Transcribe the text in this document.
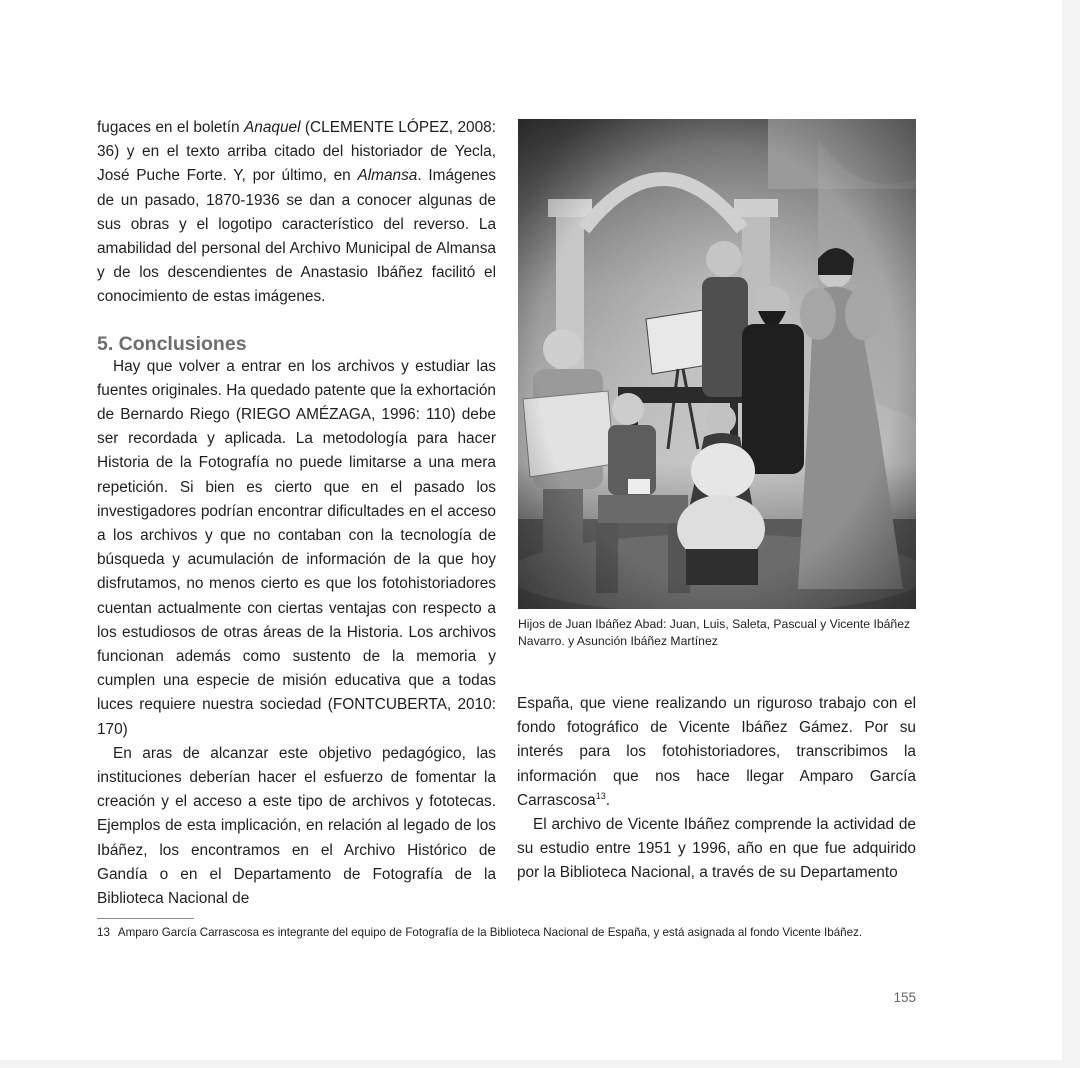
fugaces en el boletín Anaquel (CLEMENTE LÓPEZ, 2008: 36) y en el texto arriba citado del historiador de Yecla, José Puche Forte. Y, por último, en Almansa. Imágenes de un pasado, 1870-1936 se dan a conocer algunas de sus obras y el logotipo característico del reverso. La amabilidad del personal del Archivo Municipal de Almansa y de los descendientes de Anastasio Ibáñez facilitó el conocimiento de estas imágenes.

5. Conclusiones

Hay que volver a entrar en los archivos y estudiar las fuentes originales. Ha quedado patente que la exhortación de Bernardo Riego (RIEGO AMÉZAGA, 1996: 110) debe ser recordada y aplicada. La metodología para hacer Historia de la Fotografía no puede limitarse a una mera repetición. Si bien es cierto que en el pasado los investigadores podrían encontrar dificultades en el acceso a los archivos y que no contaban con la tecnología de búsqueda y acumulación de información de la que hoy disfrutamos, no menos cierto es que los fotohistoriadores cuentan actualmente con ciertas ventajas con respecto a los estudiosos de otras áreas de la Historia. Los archivos funcionan además como sustento de la memoria y cumplen una especie de misión educativa que a todas luces requiere nuestra sociedad (FONTCUBERTA, 2010: 170)

En aras de alcanzar este objetivo pedagógico, las instituciones deberían hacer el esfuerzo de fomentar la creación y el acceso a este tipo de archivos y fototecas. Ejemplos de esta implicación, en relación al legado de los Ibáñez, los encontramos en el Archivo Histórico de Gandía o en el Departamento de Fotografía de la Biblioteca Nacional de

Hijos de Juan Ibáñez Abad: Juan, Luis, Saleta, Pascual y Vicente Ibáñez Navarro. y Asunción Ibáñez Martínez

España, que viene realizando un riguroso trabajo con el fondo fotográfico de Vicente Ibáñez Gámez. Por su interés para los fotohistoriadores, transcribimos la información que nos hace llegar Amparo García Carrascosa$^{13}$.

El archivo de Vicente Ibáñez comprende la actividad de su estudio entre 1951 y 1996, año en que fue adquirido por la Biblioteca Nacional, a través de su Departamento

13 Amparo García Carrascosa es integrante del equipo de Fotografía de la Biblioteca Nacional de España, y está asignada al fondo Vicente Ibáñez.
155
